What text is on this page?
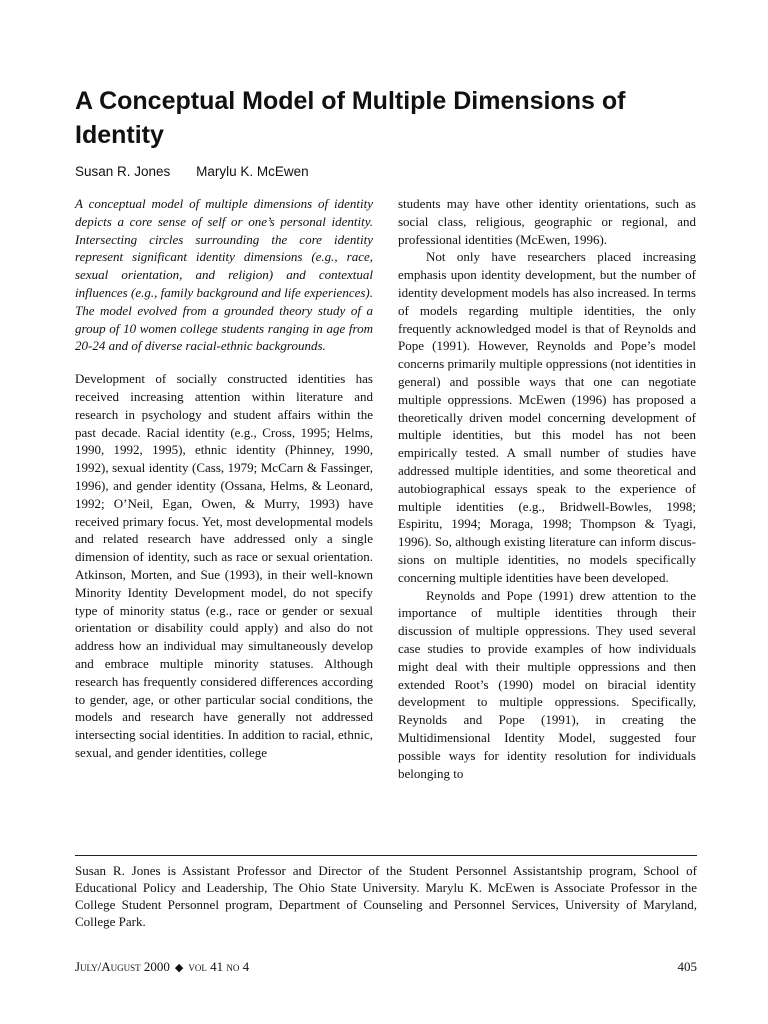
A Conceptual Model of Multiple Dimensions of Identity
Susan R. Jones Marylu K. McEwen

A conceptual model of multiple dimensions of identity depicts a core sense of self or one’s personal identity. Intersecting circles surrounding the core identity represent significant identity dimensions (e.g., race, sexual orientation, and religion) and contextual influences (e.g., family background and life experiences). The model evolved from a grounded theory study of a group of 10 women college students ranging in age from 20-24 and of diverse racial-ethnic backgrounds.

Development of socially constructed identities has received increasing attention within literature and research in psychology and student affairs within the past decade. Racial identity (e.g., Cross, 1995; Helms, 1990, 1992, 1995), ethnic identity (Phinney, 1990, 1992), sexual identity (Cass, 1979; McCarn & Fassinger, 1996), and gender identity (Ossana, Helms, & Leonard, 1992; O’Neil, Egan, Owen, & Murry, 1993) have received primary focus. Yet, most developmental models and related research have addressed only a single dimension of identity, such as race or sexual orientation. Atkinson, Morten, and Sue (1993), in their well-known Minority Identity Development model, do not specify type of minority status (e.g., race or gender or sexual orientation or disability could apply) and also do not address how an individual may simultaneously develop and embrace multiple minority statuses. Although research has frequently considered differences according to gender, age, or other particular social conditions, the models and research have generally not addressed intersecting social identities. In addition to racial, ethnic, sexual, and gender identities, college

students may have other identity orientations, such as social class, religious, geographic or regional, and professional identities (McEwen, 1996).

Not only have researchers placed increasing emphasis upon identity development, but the number of identity development models has also increased. In terms of models regarding multiple identities, the only frequently acknowledged model is that of Reynolds and Pope (1991). However, Reynolds and Pope’s model concerns primarily multiple oppressions (not identities in general) and possible ways that one can negotiate multiple oppressions. McEwen (1996) has proposed a theoretically driven model concerning development of multiple identities, but this model has not been empirically tested. A small number of studies have addressed multiple identities, and some theoretical and autobiographical essays speak to the experience of multiple identities (e.g., Bridwell-Bowles, 1998; Espiritu, 1994; Moraga, 1998; Thompson & Tyagi, 1996). So, although existing literature can inform discussions on multiple identities, no models specifically concerning multiple identities have been developed.

Reynolds and Pope (1991) drew attention to the importance of multiple identities through their discussion of multiple oppressions. They used several case studies to provide examples of how individuals might deal with their multiple oppressions and then extended Root’s (1990) model on biracial identity development to multiple oppressions. Specifically, Reynolds and Pope (1991), in creating the Multidimensional Identity Model, suggested four possible ways for identity resolution for individuals belonging to

Susan R. Jones is Assistant Professor and Director of the Student Personnel Assistantship program, School of Educational Policy and Leadership, The Ohio State University. Marylu K. McEwen is Associate Professor in the College Student Personnel program, Department of Counseling and Personnel Services, University of Maryland, College Park.

July/August 2000 ◆ vol 41 no 4	405
